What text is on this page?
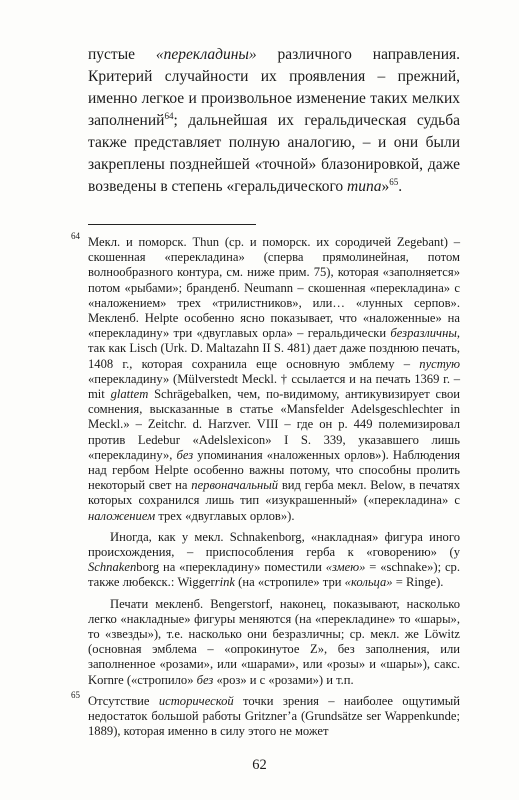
пустые «перекладины» различного направления. Критерий случайности их проявления – прежний, именно легкое и произвольное изменение таких мелких заполнений$^{64}$; дальнейшая их геральдическая судьба также представляет полную аналогию, – и они были закреплены позднейшей «точной» блазонировкой, даже возведены в степень «геральдического типа»$^{65}$.

64 Мекл. и поморск. Thun (ср. и поморск. их сородичей Zegebant) – скошенная «перекладина» (сперва прямолинейная, потом волнообразного контура, см. ниже прим. 75), которая «заполняется» потом «рыбами»; бранденб. Neumann – скошенная «перекладина» с «наложением» трех «трилистников», или… «лунных серпов». Мекленб. Helpte особенно ясно показывает, что «наложенные» на «перекладину» три «двуглавых орла» – геральдически безразличны, так как Lisch (Urk. D. Maltazahn II S. 481) дает даже позднюю печать, 1408 г., которая сохранила еще основную эмблему – пустую «перекладину» (Mülverstedt Meckl. † ссылается и на печать 1369 г. – mit glattem Schrägebalken, чем, по-видимому, антикувизирует свои сомнения, высказанные в статье «Mansfelder Adelsgeschlechter in Meckl.» – Zeitchr. d. Harzver. VIII – где он р. 449 полемизировал против Ledebur «Adelslexicon» I S. 339, указавшего лишь «перекладину», без упоминания «наложенных орлов»). Наблюдения над гербом Helpte особенно важны потому, что способны пролить некоторый свет на первоначальный вид герба мекл. Below, в печатях которых сохранился лишь тип «изукрашенный» («перекладина» с наложением трех «двуглавых орлов»).

Иногда, как у мекл. Schnakenborg, «накладная» фигура иного происхождения, – приспособления герба к «говорению» (у Schnakenborg на «перекладину» поместили «змею» = «schnake»); ср. также любекск.: Wiggerrink (на «стропиле» три «кольца» = Ringe).

Печати мекленб. Bengerstorf, наконец, показывают, насколько легко «накладные» фигуры меняются (на «перекладине» то «шары», то «звезды»), т.е. насколько они безразличны; ср. мекл. же Löwitz (основная эмблема – «опрокинутое Z», без заполнения, или заполненное «розами», или «шарами», или «розы» и «шары»), сакс. Kornre («стропило» без «роз» и с «розами») и т.п.

65 Отсутствие исторической точки зрения – наиболее ощутимый недостаток большой работы Gritzner’a (Grundsätze ser Wappenkunde; 1889), которая именно в силу этого не может

62
